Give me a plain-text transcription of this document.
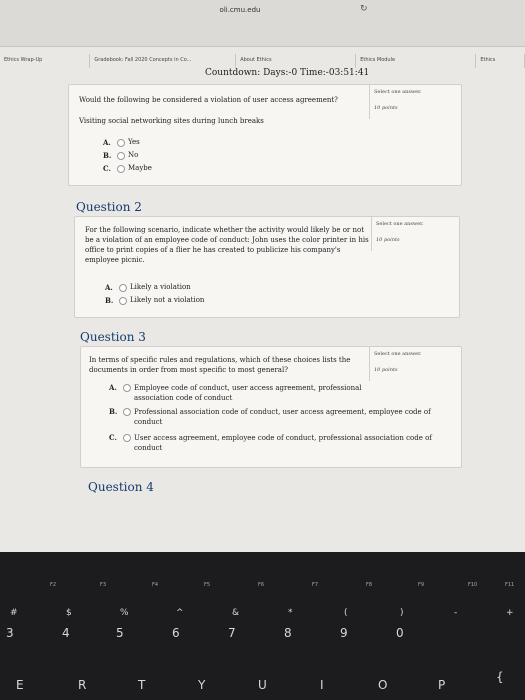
oli.cmu.edu	↻
Ethics Wrap-Up	Gradebook: Fall 2020 Concepts in Co...	About Ethics	Ethics Module	Ethics
Countdown: Days:-0 Time:-03:51:41
Would the following be considered a violation of user access agreement?
Visiting social networking sites during lunch breaks
Select one answer.
10 points
A.	Yes
B.	No
C.	Maybe
Question 2
For the following scenario, indicate whether the activity would likely be or not be a violation of an employee code of conduct: John uses the color printer in his office to print copies of a flier he has created to publicize his company's employee picnic.
Select one answer.
10 points
A.	Likely a violation
B.	Likely not a violation
Question 3
In terms of specific rules and regulations, which of these choices lists the documents in order from most specific to most general?
Select one answer.
10 points
A.	Employee code of conduct, user access agreement, professional association code of conduct
B.	Professional association code of conduct, user access agreement, employee code of conduct
C.	User access agreement, employee code of conduct, professional association code of conduct
Question 4
F2	F3	F4	F5	F6	F7	F8	F9	F10	F11
#	$	%	^	&	*	(	)	-	+
3	4	5	6	7	8	9	0
E	R	T	Y	U	I	O	P
{
